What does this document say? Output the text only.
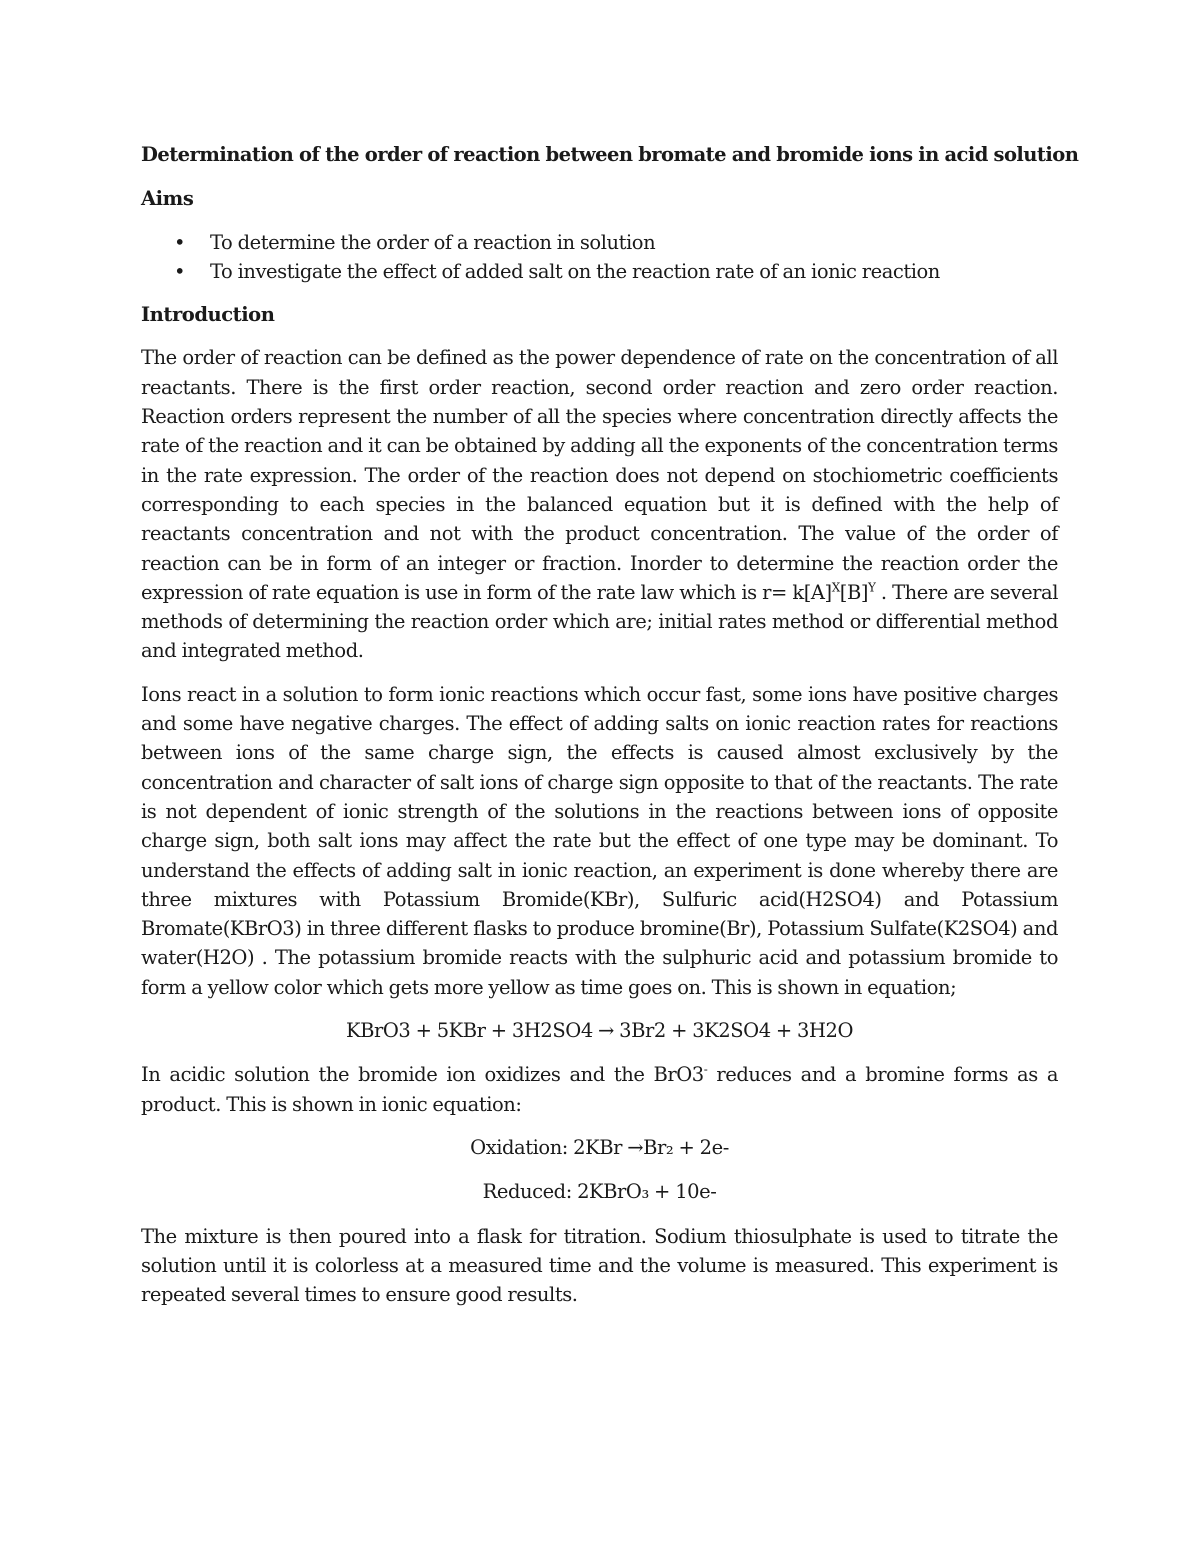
Determination of the order of reaction between bromate and bromide ions in acid solution
Aims
• To determine the order of a reaction in solution
• To investigate the effect of added salt on the reaction rate of an ionic reaction
Introduction

The order of reaction can be defined as the power dependence of rate on the concentration of all reactants. There is the first order reaction, second order reaction and zero order reaction. Reaction orders represent the number of all the species where concentration directly affects the rate of the reaction and it can be obtained by adding all the exponents of the concentration terms in the rate expression. The order of the reaction does not depend on stochiometric coefficients corresponding to each species in the balanced equation but it is defined with the help of reactants concentration and not with the product concentration. The value of the order of reaction can be in form of an integer or fraction. Inorder to determine the reaction order the expression of rate equation is use in form of the rate law which is $r= k[A]^X[B]^Y$ . There are several methods of determining the reaction order which are; initial rates method or differential method and integrated method.

Ions react in a solution to form ionic reactions which occur fast, some ions have positive charges and some have negative charges. The effect of adding salts on ionic reaction rates for reactions between ions of the same charge sign, the effects is caused almost exclusively by the concentration and character of salt ions of charge sign opposite to that of the reactants. The rate is not dependent of ionic strength of the solutions in the reactions between ions of opposite charge sign, both salt ions may affect the rate but the effect of one type may be dominant. To understand the effects of adding salt in ionic reaction, an experiment is done whereby there are three mixtures with Potassium Bromide(KBr), Sulfuric acid(H2SO4) and Potassium Bromate(KBrO3) in three different flasks to produce bromine(Br), Potassium Sulfate(K2SO4) and water(H2O) . The potassium bromide reacts with the sulphuric acid and potassium bromide to form a yellow color which gets more yellow as time goes on. This is shown in equation;

KBrO3 + 5KBr + 3H2SO4 → 3Br2 + 3K2SO4 + 3H2O

In acidic solution the bromide ion oxidizes and the BrO3- reduces and a bromine forms as a product. This is shown in ionic equation:

Oxidation: 2KBr →Br₂ + 2e-
Reduced: 2KBrO₃ + 10e-

The mixture is then poured into a flask for titration. Sodium thiosulphate is used to titrate the solution until it is colorless at a measured time and the volume is measured. This experiment is repeated several times to ensure good results.
